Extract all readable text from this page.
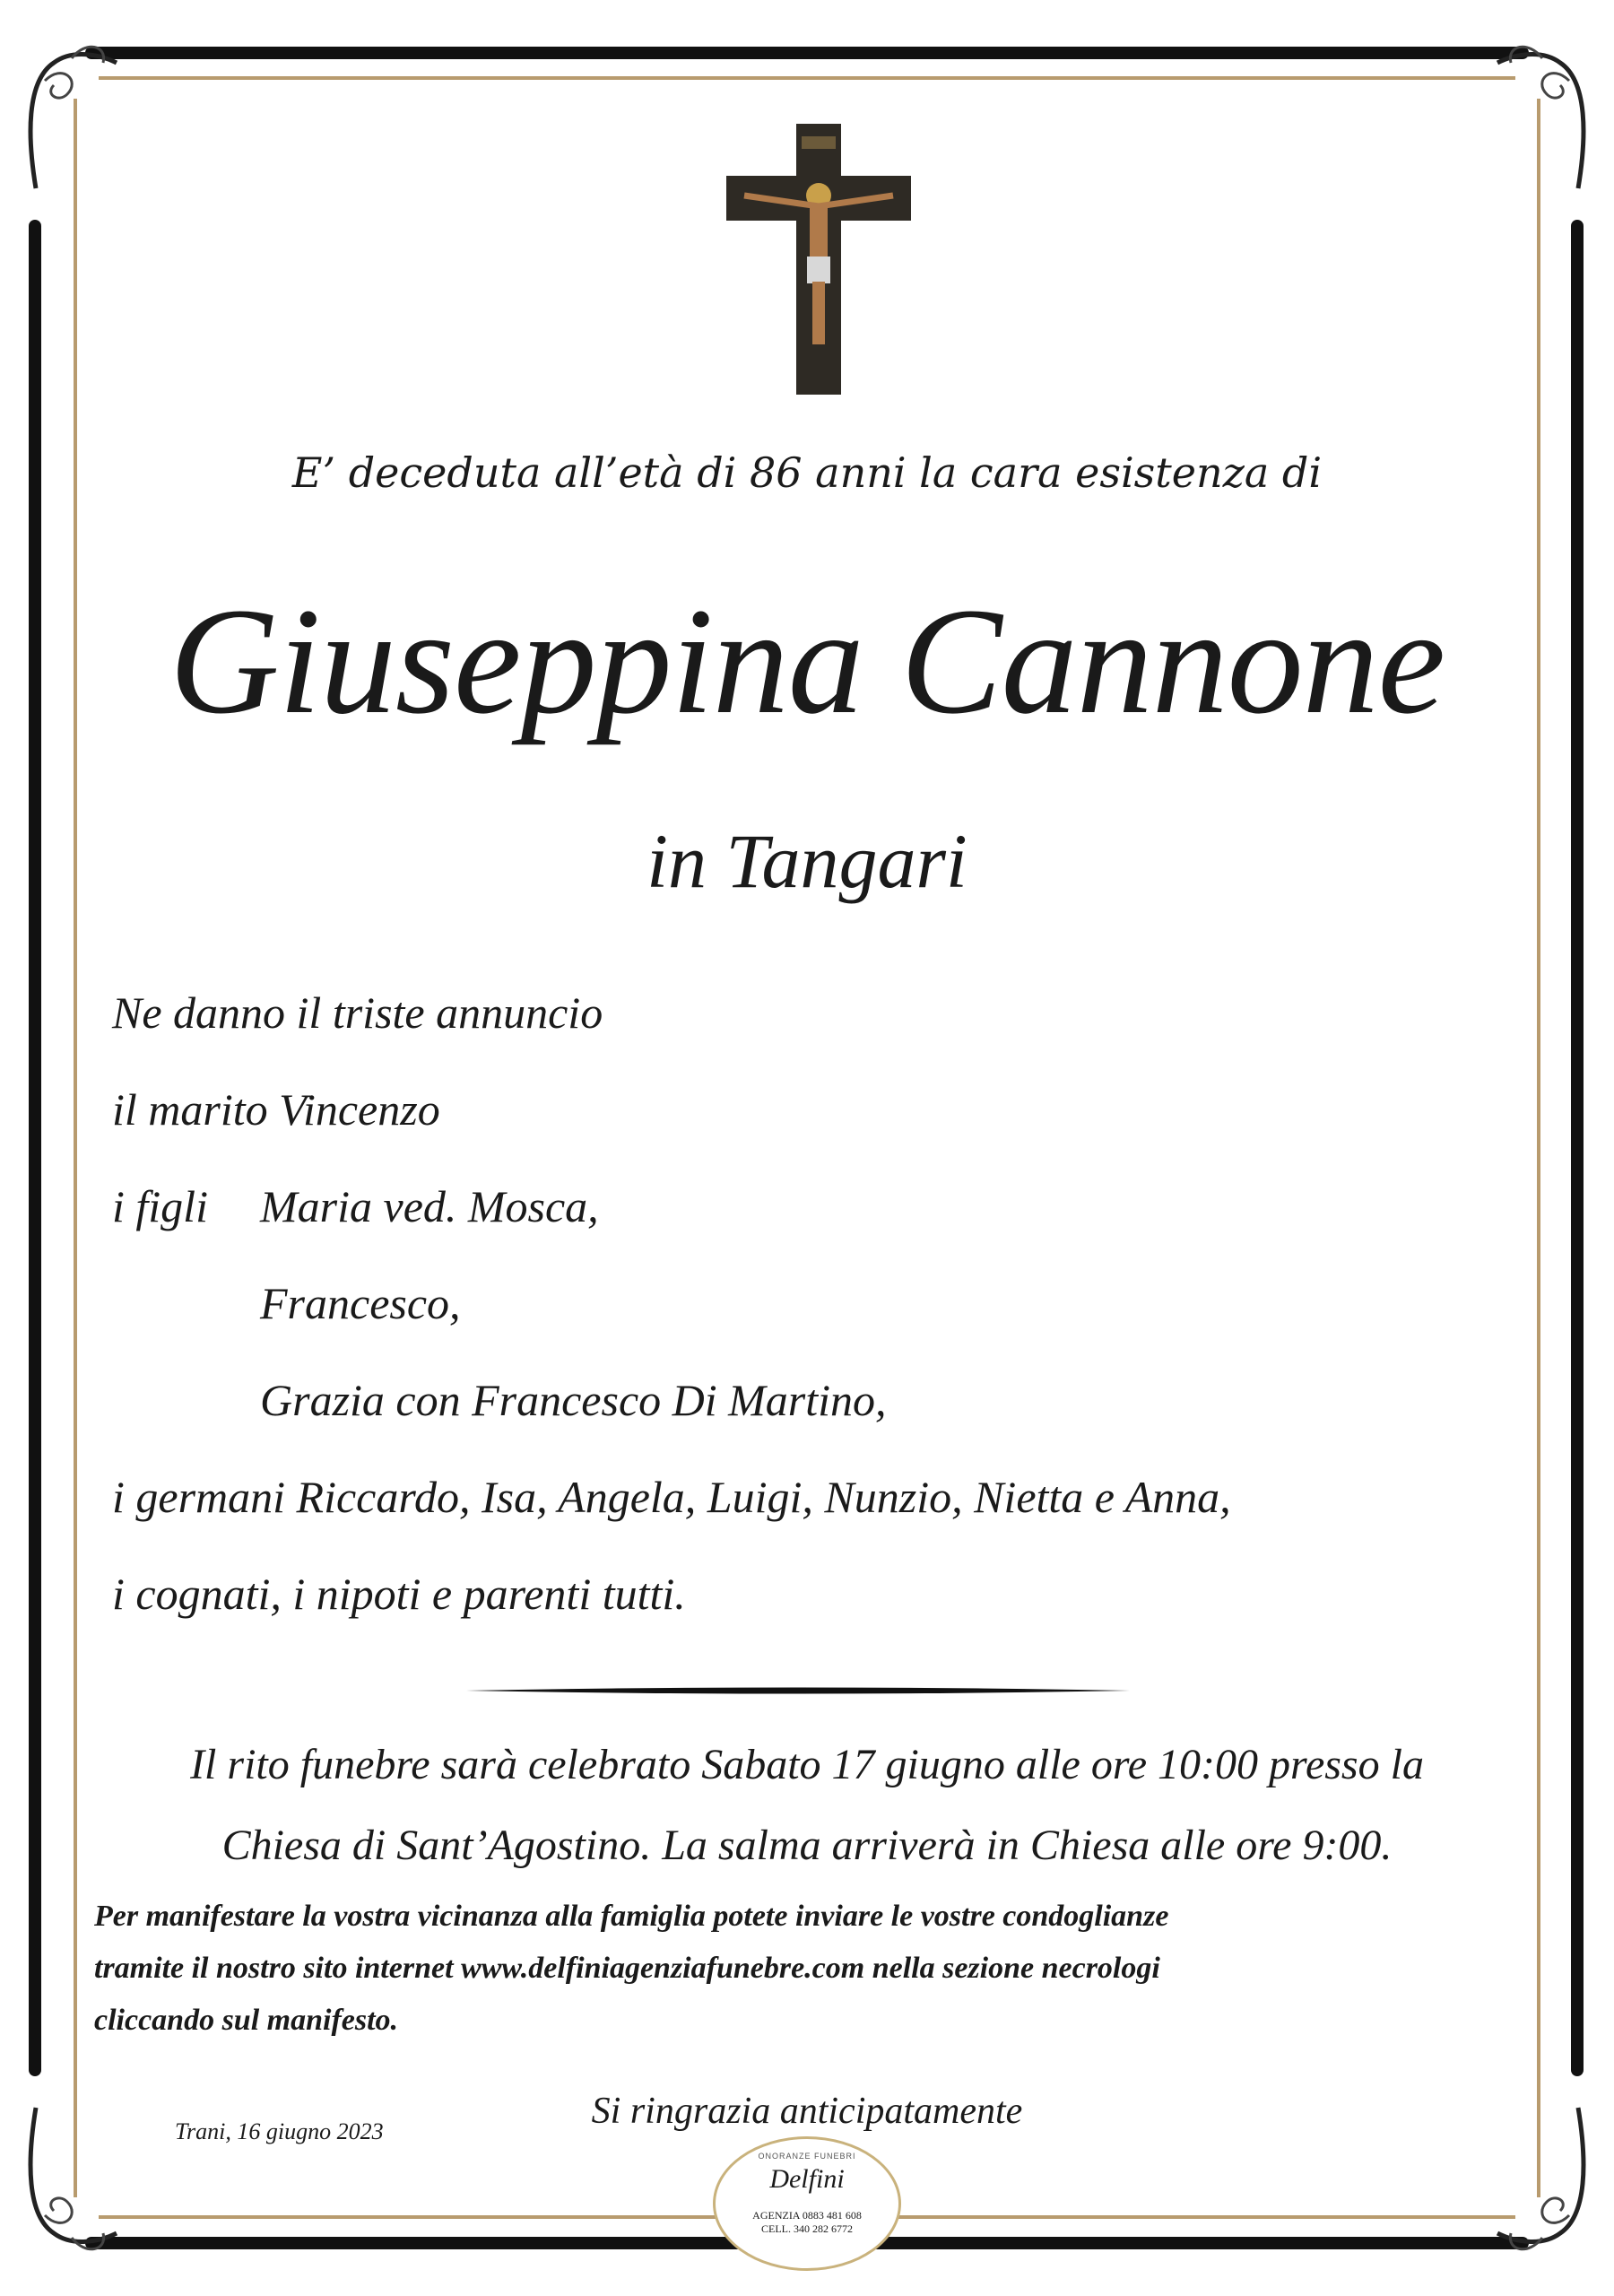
E’ deceduta all’età di 86 anni la cara esistenza di
Giuseppina Cannone
in Tangari
Ne danno il triste annuncio
il marito Vincenzo
i figli Maria ved. Mosca,
Francesco,
Grazia con Francesco Di Martino,
i germani Riccardo, Isa, Angela, Luigi, Nunzio, Nietta e Anna,
i cognati, i nipoti e parenti tutti.
Il rito funebre sarà celebrato Sabato 17 giugno alle ore 10:00 presso la
Chiesa di Sant’Agostino. La salma arriverà in Chiesa alle ore 9:00.
Per manifestare la vostra vicinanza alla famiglia potete inviare le vostre condoglianze
tramite il nostro sito internet www.delfiniagenziafunebre.com nella sezione necrologi
cliccando sul manifesto.
Si ringrazia anticipatamente
Trani, 16 giugno 2023
ONORANZE FUNEBRI
Delfini
AGENZIA 0883 481 608
CELL. 340 282 6772
